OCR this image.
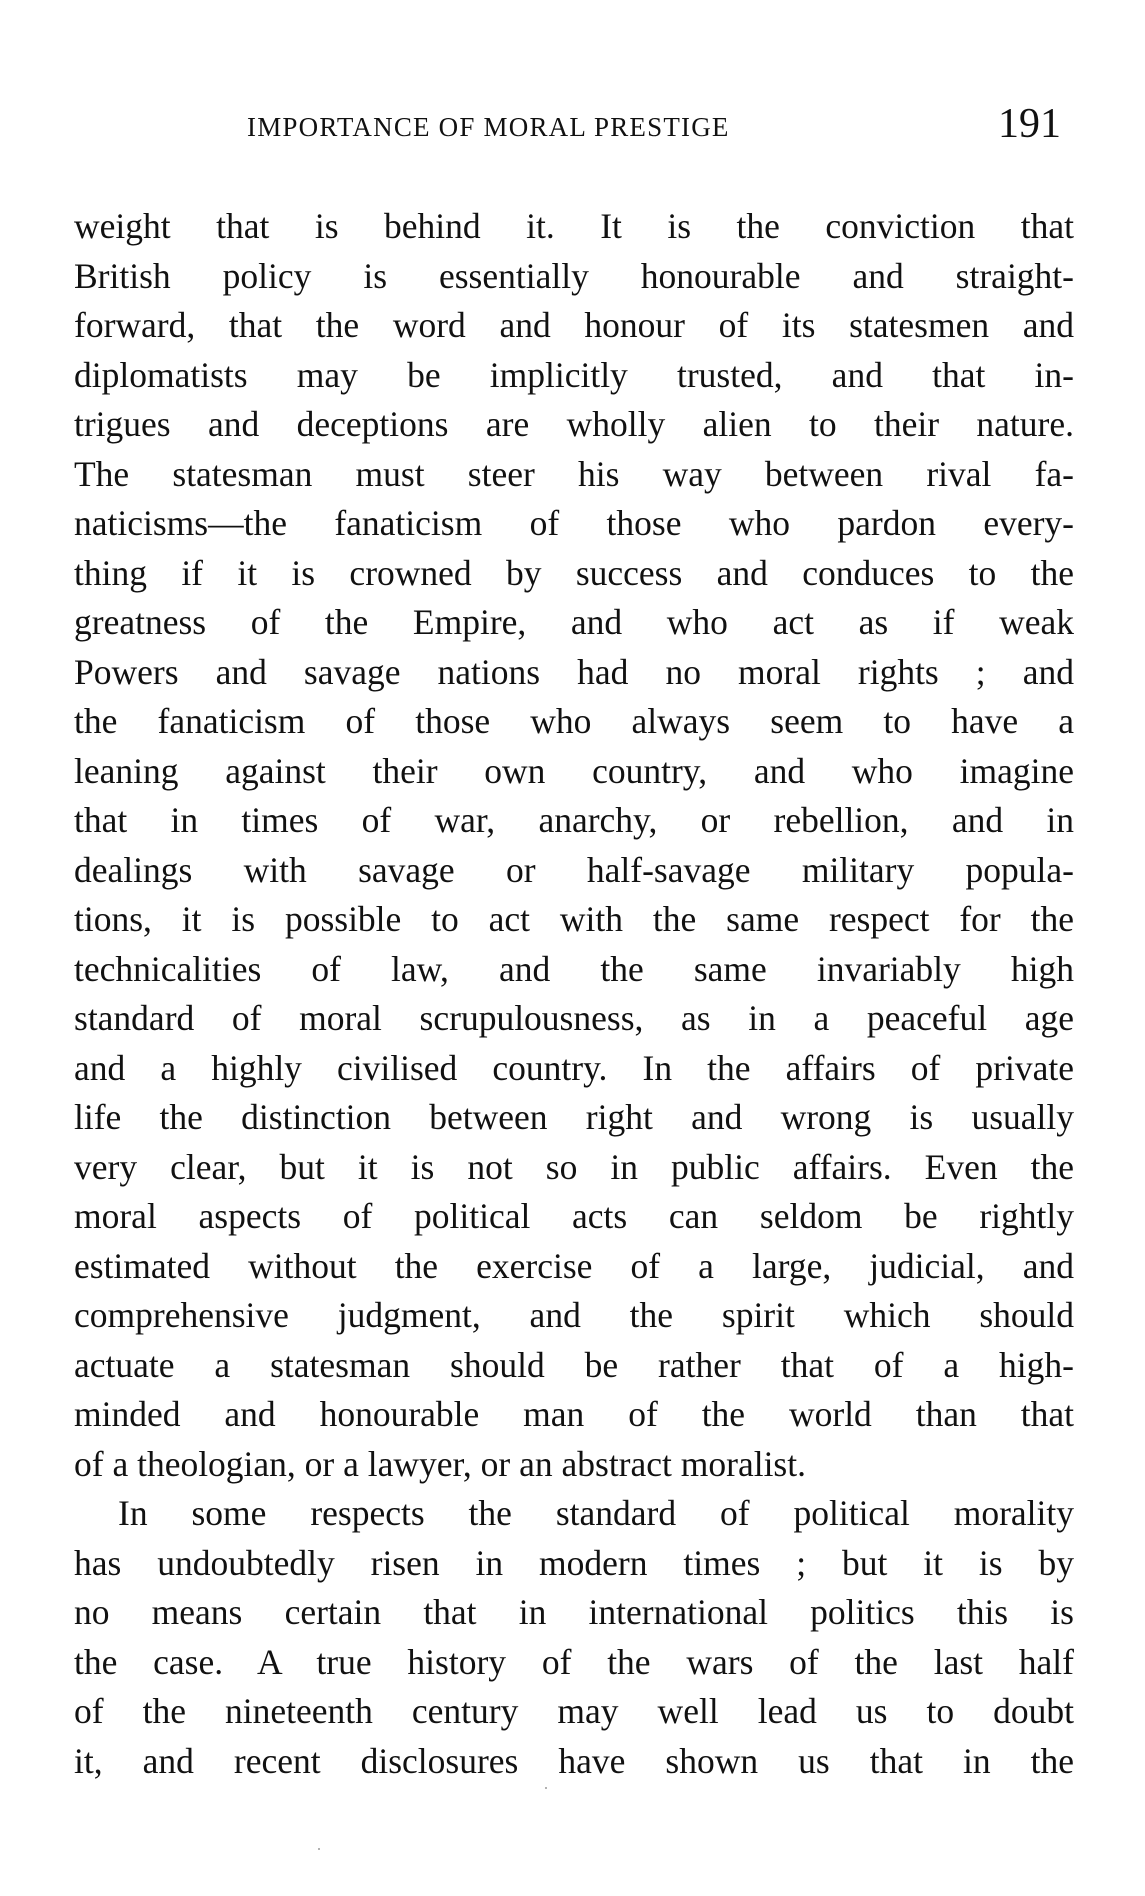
IMPORTANCE OF MORAL PRESTIGE	191
weight that is behind it. It is the conviction that
British policy is essentially honourable and straight-
forward, that the word and honour of its statesmen and
diplomatists may be implicitly trusted, and that in-
trigues and deceptions are wholly alien to their nature.
The statesman must steer his way between rival fa-
naticisms—the fanaticism of those who pardon every-
thing if it is crowned by success and conduces to the
greatness of the Empire, and who act as if weak
Powers and savage nations had no moral rights ; and
the fanaticism of those who always seem to have a
leaning against their own country, and who imagine
that in times of war, anarchy, or rebellion, and in
dealings with savage or half-savage military popula-
tions, it is possible to act with the same respect for the
technicalities of law, and the same invariably high
standard of moral scrupulousness, as in a peaceful age
and a highly civilised country. In the affairs of private
life the distinction between right and wrong is usually
very clear, but it is not so in public affairs. Even the
moral aspects of political acts can seldom be rightly
estimated without the exercise of a large, judicial, and
comprehensive judgment, and the spirit which should
actuate a statesman should be rather that of a high-
minded and honourable man of the world than that
of a theologian, or a lawyer, or an abstract moralist.
In some respects the standard of political morality
has undoubtedly risen in modern times ; but it is by
no means certain that in international politics this is
the case. A true history of the wars of the last half
of the nineteenth century may well lead us to doubt
it, and recent disclosures have shown us that in the
